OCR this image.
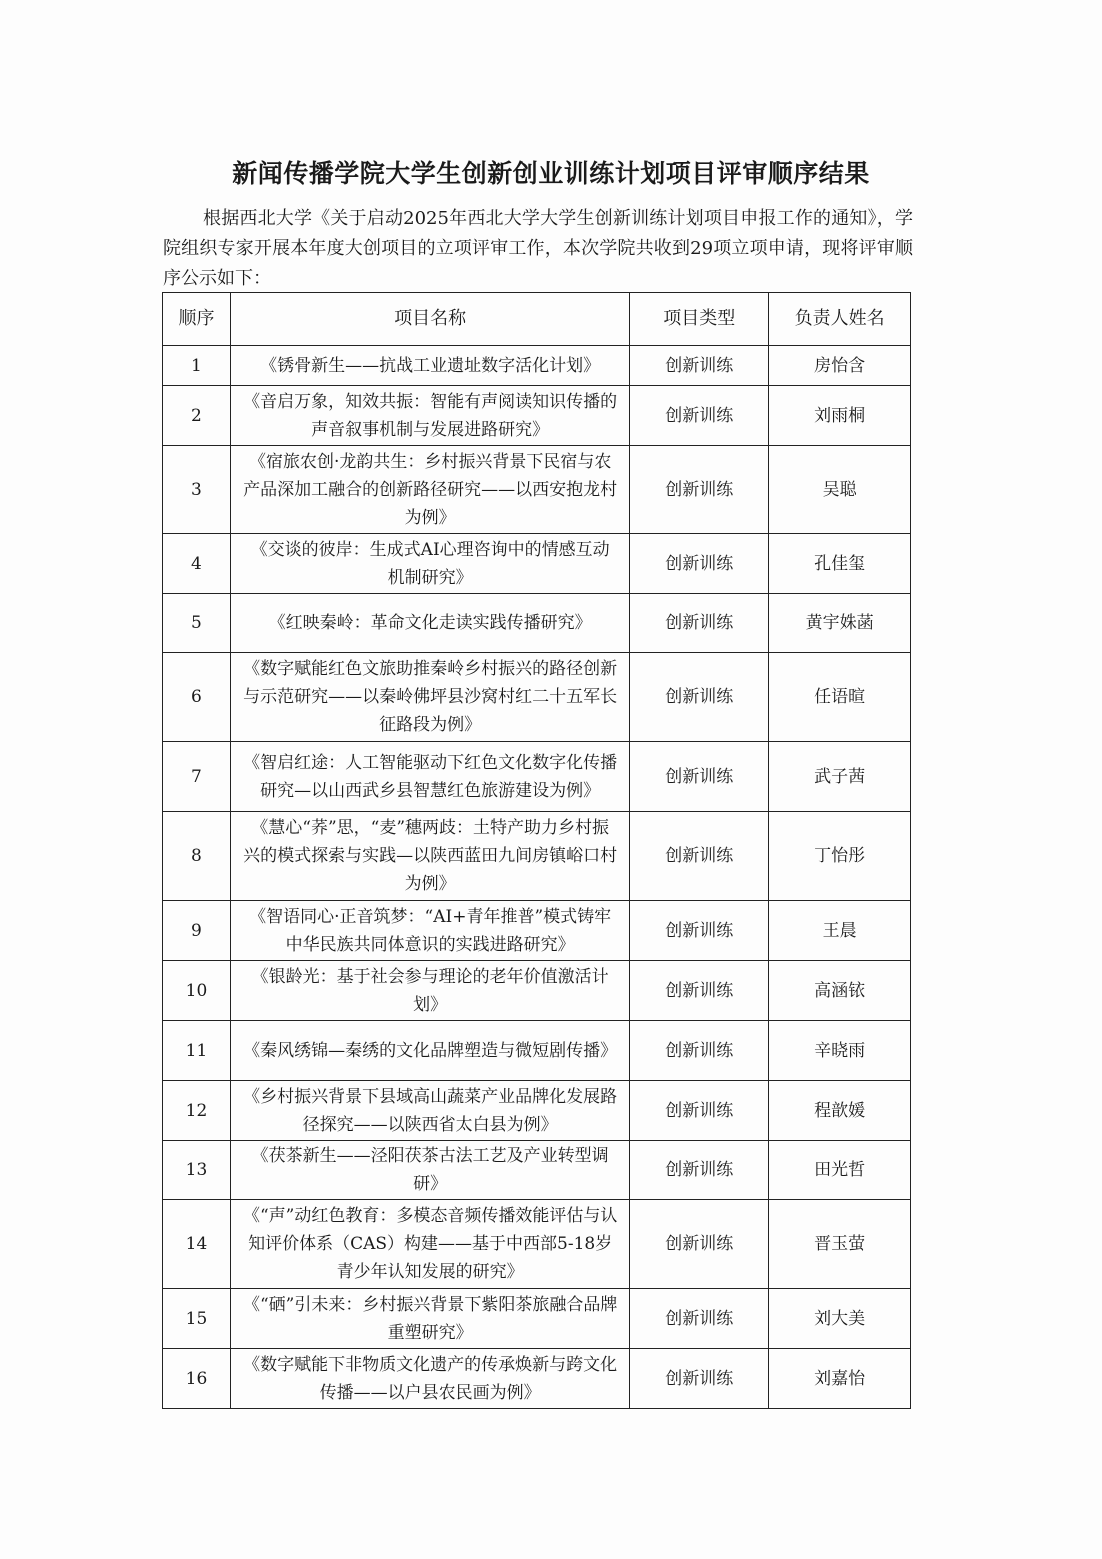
新闻传播学院大学生创新创业训练计划项目评审顺序结果
根据西北大学《关于启动2025年西北大学大学生创新训练计划项目申报工作的通知》，学院组织专家开展本年度大创项目的立项评审工作，本次学院共收到29项立项申请，现将评审顺序公示如下：
顺序	项目名称	项目类型	负责人姓名
1	《锈骨新生——抗战工业遗址数字活化计划》	创新训练	房怡含
2	《音启万象，知效共振：智能有声阅读知识传播的声音叙事机制与发展进路研究》	创新训练	刘雨桐
3	《宿旅农创·龙韵共生：乡村振兴背景下民宿与农产品深加工融合的创新路径研究——以西安抱龙村为例》	创新训练	吴聪
4	《交谈的彼岸：生成式AI心理咨询中的情感互动机制研究》	创新训练	孔佳玺
5	《红映秦岭：革命文化走读实践传播研究》	创新训练	黄宇姝菡
6	《数字赋能红色文旅助推秦岭乡村振兴的路径创新与示范研究——以秦岭佛坪县沙窝村红二十五军长征路段为例》	创新训练	任语暄
7	《智启红途：人工智能驱动下红色文化数字化传播研究—以山西武乡县智慧红色旅游建设为例》	创新训练	武子茜
8	《慧心“荞”思，“麦”穗两歧：土特产助力乡村振兴的模式探索与实践—以陕西蓝田九间房镇峪口村为例》	创新训练	丁怡彤
9	《智语同心·正音筑梦：“AI+青年推普”模式铸牢中华民族共同体意识的实践进路研究》	创新训练	王晨
10	《银龄光：基于社会参与理论的老年价值激活计划》	创新训练	高涵铱
11	《秦风绣锦—秦绣的文化品牌塑造与微短剧传播》	创新训练	辛晓雨
12	《乡村振兴背景下县域高山蔬菜产业品牌化发展路径探究——以陕西省太白县为例》	创新训练	程歆媛
13	《茯茶新生——泾阳茯茶古法工艺及产业转型调研》	创新训练	田光哲
14	《“声”动红色教育：多模态音频传播效能评估与认知评价体系（CAS）构建——基于中西部5-18岁青少年认知发展的研究》	创新训练	晋玉萤
15	《“硒”引未来：乡村振兴背景下紫阳茶旅融合品牌重塑研究》	创新训练	刘大美
16	《数字赋能下非物质文化遗产的传承焕新与跨文化传播——以户县农民画为例》	创新训练	刘嘉怡
